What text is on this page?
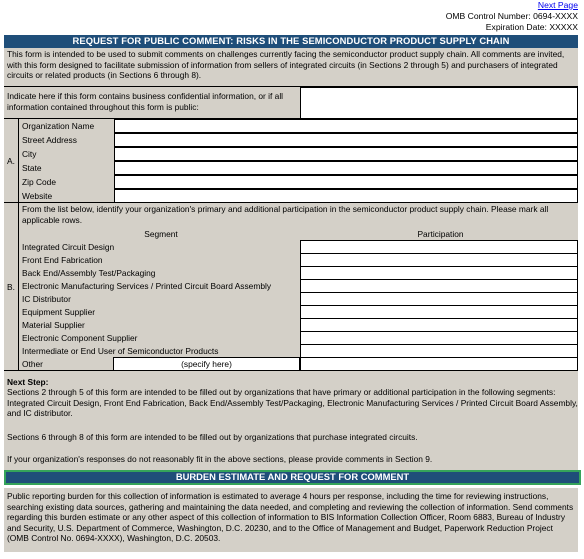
Next Page
OMB Control Number: 0694-XXXX
Expiration Date: XXXXX
REQUEST FOR PUBLIC COMMENT: RISKS IN THE SEMICONDUCTOR PRODUCT SUPPLY CHAIN
This form is intended to be used to submit comments on challenges currently facing the semiconductor product supply chain. All comments are invited, with this form designed to facilitate submission of information from sellers of integrated circuits (in Sections 2 through 5) and purchasers of integrated circuits or related products (in Sections 6 through 8).
Indicate here if this form contains business confidential information, or if all information contained throughout this form is public:
A.
Organization Name
Street Address
City
State
Zip Code
Website
B.
From the list below, identify your organization's primary and additional participation in the semiconductor product supply chain. Please mark all applicable rows.
Segment	Participation
Integrated Circuit Design
Front End Fabrication
Back End/Assembly Test/Packaging
Electronic Manufacturing Services / Printed Circuit Board Assembly
IC Distributor
Equipment Supplier
Material Supplier
Electronic Component Supplier
Intermediate or End User of Semiconductor Products
Other	(specify here)
Next Step:
Sections 2 through 5 of this form are intended to be filled out by organizations that have primary or additional participation in the following segments: Integrated Circuit Design, Front End Fabrication, Back End/Assembly Test/Packaging, Electronic Manufacturing Services / Printed Circuit Board Assembly, and IC distributor.
Sections 6 through 8 of this form are intended to be filled out by organizations that purchase integrated circuits.
If your organization's responses do not reasonably fit in the above sections, please provide comments in Section 9.
BURDEN ESTIMATE AND REQUEST FOR COMMENT
Public reporting burden for this collection of information is estimated to average 4 hours per response, including the time for reviewing instructions, searching existing data sources, gathering and maintaining the data needed, and completing and reviewing the collection of information. Send comments regarding this burden estimate or any other aspect of this collection of information to BIS Information Collection Officer, Room 6883, Bureau of Industry and Security, U.S. Department of Commerce, Washington, D.C. 20230, and to the Office of Management and Budget, Paperwork Reduction Project (OMB Control No. 0694-XXXX), Washington, D.C. 20503.
